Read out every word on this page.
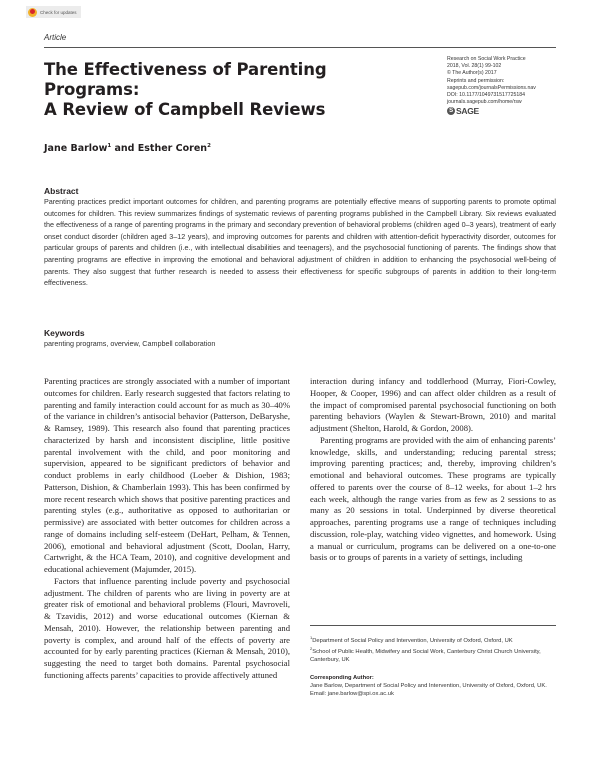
Check for updates
Article
The Effectiveness of Parenting Programs:
A Review of Campbell Reviews
Research on Social Work Practice
2018, Vol. 28(1) 99-102
© The Author(s) 2017
Reprints and permission:
sagepub.com/journalsPermissions.nav
DOI: 10.1177/1049731517725184
journals.sagepub.com/home/rsw
S SAGE
Jane Barlow$^1$ and Esther Coren$^2$
Abstract

Parenting practices predict important outcomes for children, and parenting programs are potentially effective means of supporting parents to promote optimal outcomes for children. This review summarizes findings of systematic reviews of parenting programs published in the Campbell Library. Six reviews evaluated the effectiveness of a range of parenting programs in the primary and secondary prevention of behavioral problems (children aged 0–3 years), treatment of early onset conduct disorder (children aged 3–12 years), and improving outcomes for parents and children with attention-deficit hyperactivity disorder, outcomes for particular groups of parents and children (i.e., with intellectual disabilities and teenagers), and the psychosocial functioning of parents. The findings show that parenting programs are effective in improving the emotional and behavioral adjustment of children in addition to enhancing the psychosocial well-being of parents. They also suggest that further research is needed to assess their effectiveness for specific subgroups of parents in addition to their long-term effectiveness.

Keywords

parenting programs, overview, Campbell collaboration

Parenting practices are strongly associated with a number of important outcomes for children. Early research suggested that factors relating to parenting and family interaction could account for as much as 30–40% of the variance in children’s antisocial behavior (Patterson, DeBaryshe, & Ramsey, 1989). This research also found that parenting practices characterized by harsh and inconsistent discipline, little positive parental involvement with the child, and poor monitoring and supervision, appeared to be significant predictors of behavior and conduct problems in early childhood (Loeber & Dishion, 1983; Patterson, Dishion, & Chamberlain 1993). This has been confirmed by more recent research which shows that positive parenting practices and parenting styles (e.g., authoritative as opposed to authoritarian or permissive) are associated with better outcomes for children across a range of domains including self-esteem (DeHart, Pelham, & Tennen, 2006), emotional and behavioral adjustment (Scott, Doolan, Harry, Cartwright, & the HCA Team, 2010), and cognitive development and educational achievement (Majumder, 2015).

Factors that influence parenting include poverty and psychosocial adjustment. The children of parents who are living in poverty are at greater risk of emotional and behavioral problems (Flouri, Mavroveli, & Tzavidis, 2012) and worse educational outcomes (Kiernan & Mensah, 2010). However, the relationship between parenting and poverty is complex, and around half of the effects of poverty are accounted for by early parenting practices (Kiernan & Mensah, 2010), suggesting the need to target both domains. Parental psychosocial functioning affects parents’ capacities to provide affectively attuned

interaction during infancy and toddlerhood (Murray, Fiori-Cowley, Hooper, & Cooper, 1996) and can affect older children as a result of the impact of compromised parental psychosocial functioning on both parenting behaviors (Waylen & Stewart-Brown, 2010) and marital adjustment (Shelton, Harold, & Gordon, 2008).

Parenting programs are provided with the aim of enhancing parents’ knowledge, skills, and understanding; reducing parental stress; improving parenting practices; and, thereby, improving children’s emotional and behavioral outcomes. These programs are typically offered to parents over the course of 8–12 weeks, for about 1–2 hrs each week, although the range varies from as few as 2 sessions to as many as 20 sessions in total. Underpinned by diverse theoretical approaches, parenting programs use a range of techniques including discussion, role-play, watching video vignettes, and homework. Using a manual or curriculum, programs can be delivered on a one-to-one basis or to groups of parents in a variety of settings, including

$^1$Department of Social Policy and Intervention, University of Oxford, Oxford, UK

$^2$School of Public Health, Midwifery and Social Work, Canterbury Christ Church University, Canterbury, UK

Corresponding Author:

Jane Barlow, Department of Social Policy and Intervention, University of Oxford, Oxford, UK.

Email: jane.barlow@spi.ox.ac.uk
